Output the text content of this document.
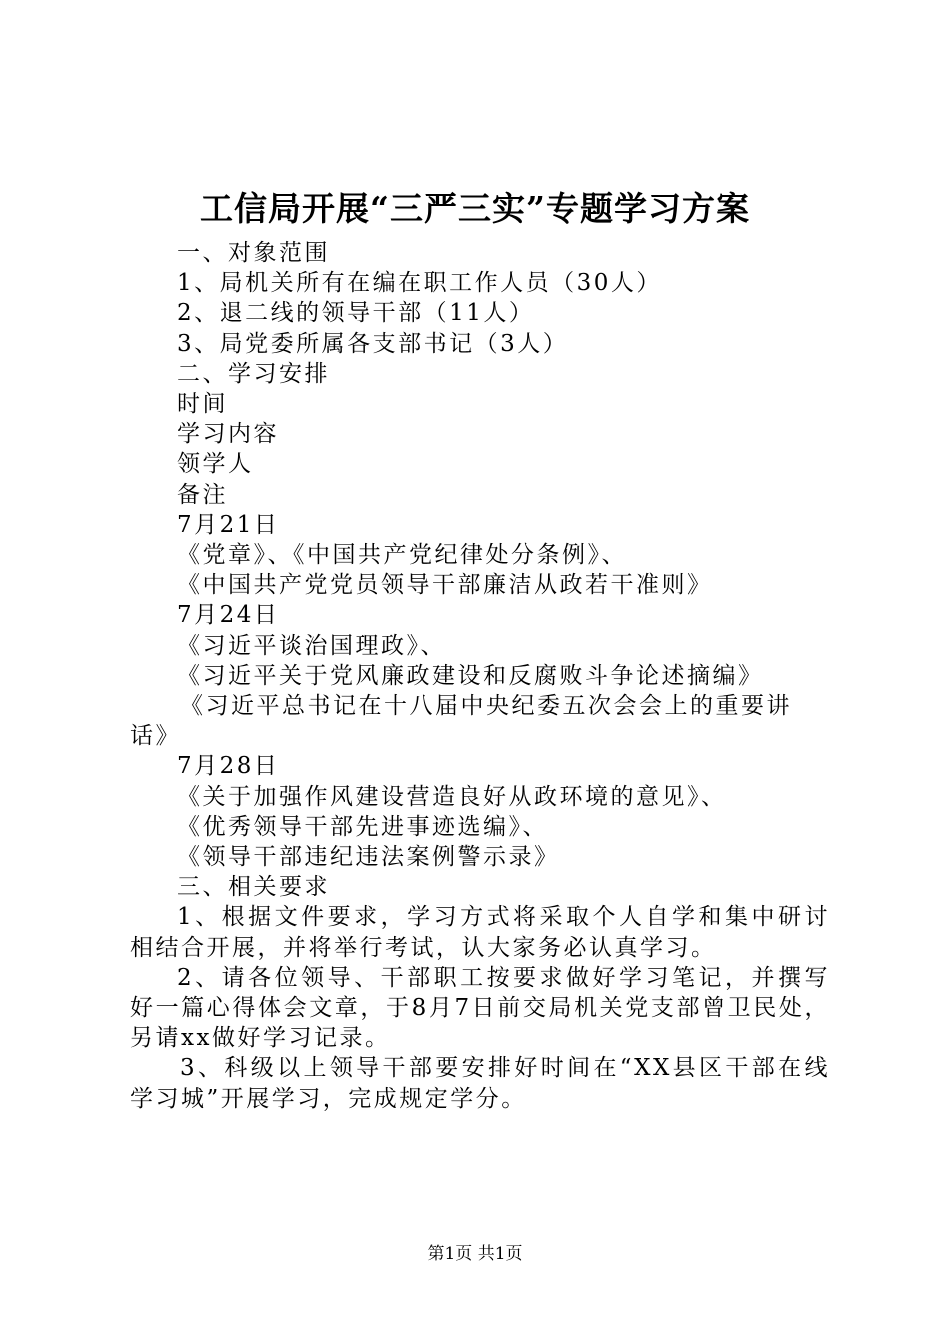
工信局开展“三严三实”专题学习方案
一、对象范围
1、局机关所有在编在职工作人员（30人）
2、退二线的领导干部（11人）
3、局党委所属各支部书记（3人）
二、学习安排
时间
学习内容
领学人
备注
7月21日
《党章》、《中国共产党纪律处分条例》、
《中国共产党党员领导干部廉洁从政若干准则》
7月24日
《习近平谈治国理政》、
《习近平关于党风廉政建设和反腐败斗争论述摘编》
《习近平总书记在十八届中央纪委五次会会上的重要讲
话》
7月28日
《关于加强作风建设营造良好从政环境的意见》、
《优秀领导干部先进事迹选编》、
《领导干部违纪违法案例警示录》
三、相关要求
1、根据文件要求，学习方式将采取个人自学和集中研讨相结合开展，并将举行考试，认大家务必认真学习。
2、请各位领导、干部职工按要求做好学习笔记，并撰写好一篇心得体会文章，于8月7日前交局机关党支部曾卫民处，另请xx做好学习记录。
3、科级以上领导干部要安排好时间在“XX县区干部在线学习城”开展学习，完成规定学分。
第1页 共1页
